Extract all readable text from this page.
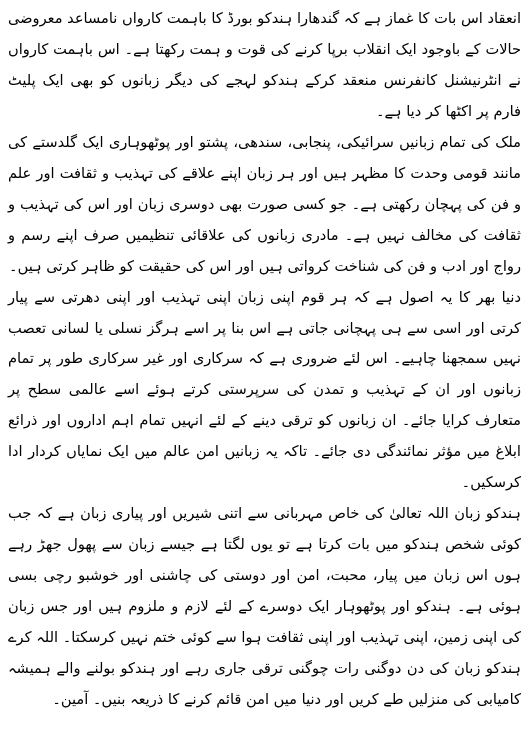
انعقاد اس بات کا غماز ہے کہ گندھارا ہندکو بورڈ کا باہمت کارواں نامساعد معروضی حالات کے باوجود ایک انقلاب برپا کرنے کی قوت و ہمت رکھتا ہے۔ اس باہمت کارواں نے انٹرنیشنل کانفرنس منعقد کرکے ہندکو لہجے کی دیگر زبانوں کو بھی ایک پلیٹ فارم پر اکٹھا کر دیا ہے۔

ملک کی تمام زبانیں سرائیکی، پنجابی، سندھی، پشتو اور پوٹھوہاری ایک گلدستے کی مانند قومی وحدت کا مظہر ہیں اور ہر زبان اپنے علاقے کی تہذیب و ثقافت اور علم و فن کی پہچان رکھتی ہے۔ جو کسی صورت بھی دوسری زبان اور اس کی تہذیب و ثقافت کی مخالف نہیں ہے۔ مادری زبانوں کی علاقائی تنظیمیں صرف اپنے رسم و رواج اور ادب و فن کی شناخت کرواتی ہیں اور اس کی حقیقت کو ظاہر کرتی ہیں۔

دنیا بھر کا یہ اصول ہے کہ ہر قوم اپنی زبان اپنی تہذیب اور اپنی دھرتی سے پیار کرتی اور اسی سے ہی پہچانی جاتی ہے اس بنا پر اسے ہرگز نسلی یا لسانی تعصب نہیں سمجھنا چاہیے۔ اس لئے ضروری ہے کہ سرکاری اور غیر سرکاری طور پر تمام زبانوں اور ان کے تہذیب و تمدن کی سرپرستی کرتے ہوئے اسے عالمی سطح پر متعارف کرایا جائے۔ ان زبانوں کو ترقی دینے کے لئے انہیں تمام اہم اداروں اور ذرائع ابلاغ میں مؤثر نمائندگی دی جائے۔ تاکہ یہ زبانیں امن عالم میں ایک نمایاں کردار ادا کرسکیں۔

ہندکو زبان اللہ تعالیٰ کی خاص مہربانی سے اتنی شیریں اور پیاری زبان ہے کہ جب کوئی شخص ہندکو میں بات کرتا ہے تو یوں لگتا ہے جیسے زبان سے پھول جھڑ رہے ہوں اس زبان میں پیار، محبت، امن اور دوستی کی چاشنی اور خوشبو رچی بسی ہوئی ہے۔ ہندکو اور پوٹھوہار ایک دوسرے کے لئے لازم و ملزوم ہیں اور جس زبان کی اپنی زمین، اپنی تہذیب اور اپنی ثقافت ہوا سے کوئی ختم نہیں کرسکتا۔ اللہ کرے ہندکو زبان کی دن دوگنی رات چوگنی ترقی جاری رہے اور ہندکو بولنے والے ہمیشہ کامیابی کی منزلیں طے کریں اور دنیا میں امن قائم کرنے کا ذریعہ بنیں۔ آمین۔
